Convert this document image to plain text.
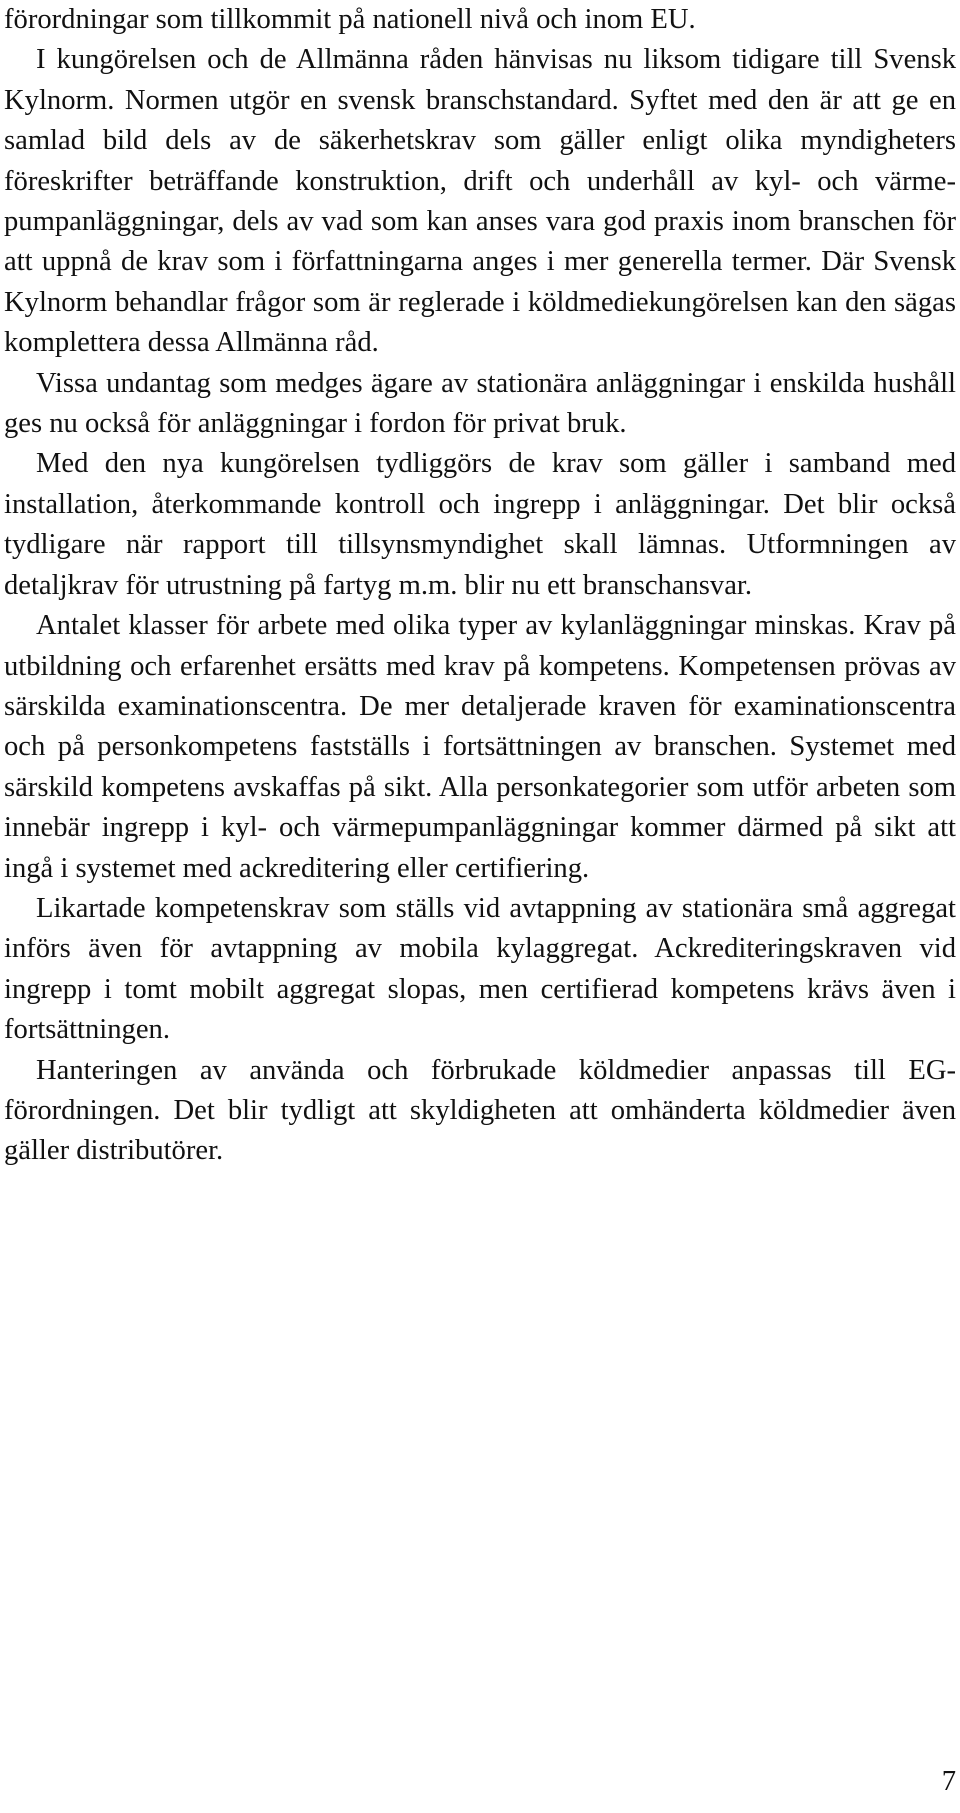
förordningar som tillkommit på nationell nivå och inom EU.

I kungörelsen och de Allmänna råden hänvisas nu liksom tidigare till Svensk Kylnorm. Normen utgör en svensk branschstandard. Syftet med den är att ge en samlad bild dels av de säkerhetskrav som gäller enligt olika myndigheters föreskrifter beträffande konstruktion, drift och underhåll av kyl- och värmepumpanläggningar, dels av vad som kan anses vara god praxis inom branschen för att uppnå de krav som i författningarna anges i mer generella termer. Där Svensk Kylnorm behandlar frågor som är reglerade i köldmediekungörelsen kan den sägas komplettera dessa Allmänna råd.

Vissa undantag som medges ägare av stationära anläggningar i enskilda hushåll ges nu också för anläggningar i fordon för privat bruk.

Med den nya kungörelsen tydliggörs de krav som gäller i samband med installation, återkommande kontroll och ingrepp i anläggningar. Det blir också tydligare när rapport till tillsynsmyndighet skall lämnas. Utformningen av detaljkrav för utrustning på fartyg m.m. blir nu ett branschansvar.

Antalet klasser för arbete med olika typer av kylanläggningar minskas. Krav på utbildning och erfarenhet ersätts med krav på kompetens. Kompetensen prövas av särskilda examinationscentra. De mer detaljerade kraven för examinationscentra och på personkompetens fastställs i fortsättningen av branschen. Systemet med särskild kompetens avskaffas på sikt. Alla personkategorier som utför arbeten som innebär ingrepp i kyl- och värmepumpanläggningar kommer därmed på sikt att ingå i systemet med ackreditering eller certifiering.

Likartade kompetenskrav som ställs vid avtappning av stationära små aggregat införs även för avtappning av mobila kylaggregat. Ackrediteringskraven vid ingrepp i tomt mobilt aggregat slopas, men certifierad kompetens krävs även i fortsättningen.

Hanteringen av använda och förbrukade köldmedier anpassas till EG-förordningen. Det blir tydligt att skyldigheten att omhänderta köldmedier även gäller distributörer.

7
